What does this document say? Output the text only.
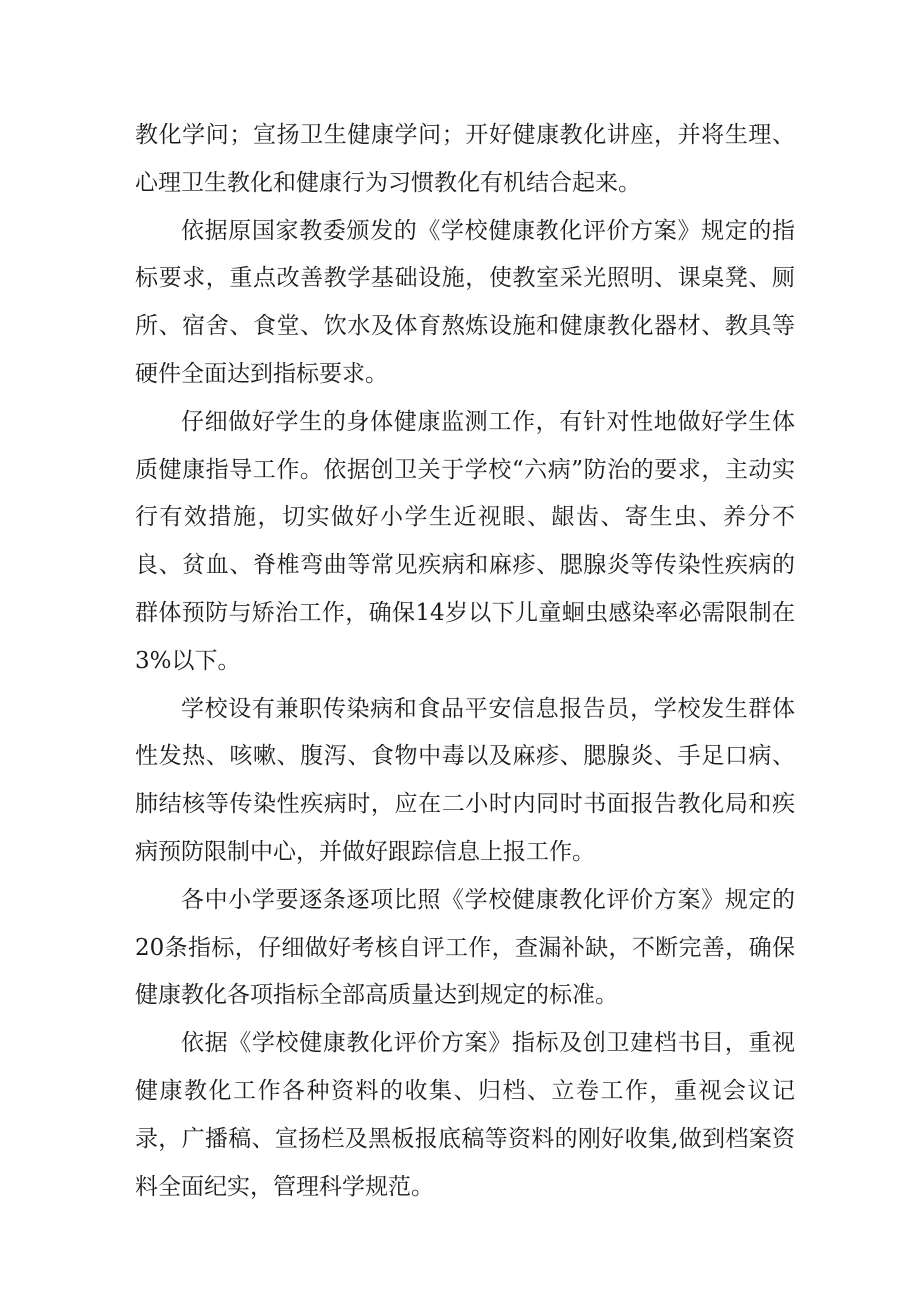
教化学问；宣扬卫生健康学问；开好健康教化讲座，并将生理、心理卫生教化和健康行为习惯教化有机结合起来。

依据原国家教委颁发的《学校健康教化评价方案》规定的指标要求，重点改善教学基础设施，使教室采光照明、课桌凳、厕所、宿舍、食堂、饮水及体育熬炼设施和健康教化器材、教具等硬件全面达到指标要求。

仔细做好学生的身体健康监测工作，有针对性地做好学生体质健康指导工作。依据创卫关于学校“六病”防治的要求，主动实行有效措施，切实做好小学生近视眼、龈齿、寄生虫、养分不良、贫血、脊椎弯曲等常见疾病和麻疹、腮腺炎等传染性疾病的群体预防与矫治工作，确保14岁以下儿童蛔虫感染率必需限制在3%以下。

学校设有兼职传染病和食品平安信息报告员，学校发生群体性发热、咳嗽、腹泻、食物中毒以及麻疹、腮腺炎、手足口病、肺结核等传染性疾病时，应在二小时内同时书面报告教化局和疾病预防限制中心，并做好跟踪信息上报工作。

各中小学要逐条逐项比照《学校健康教化评价方案》规定的20条指标，仔细做好考核自评工作，查漏补缺，不断完善，确保健康教化各项指标全部高质量达到规定的标准。

依据《学校健康教化评价方案》指标及创卫建档书目，重视健康教化工作各种资料的收集、归档、立卷工作，重视会议记录，广播稿、宣扬栏及黑板报底稿等资料的刚好收集,做到档案资料全面纪实，管理科学规范。
